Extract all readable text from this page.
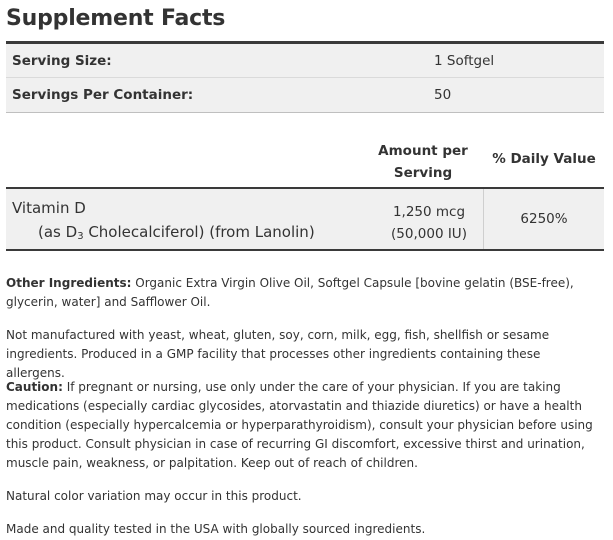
Supplement Facts
Serving Size:	1 Softgel
Servings Per Container:	50
Amount per
Serving
% Daily Value
Vitamin D
(as $D_3$ Cholecalciferol) (from Lanolin)
1,250 mcg
(50,000 IU)
6250%
Other Ingredients: Organic Extra Virgin Olive Oil, Softgel Capsule [bovine gelatin (BSE-free), glycerin, water] and Safflower Oil.
Not manufactured with yeast, wheat, gluten, soy, corn, milk, egg, fish, shellfish or sesame ingredients. Produced in a GMP facility that processes other ingredients containing these allergens.
Caution: If pregnant or nursing, use only under the care of your physician. If you are taking medications (especially cardiac glycosides, atorvastatin and thiazide diuretics) or have a health condition (especially hypercalcemia or hyperparathyroidism), consult your physician before using this product. Consult physician in case of recurring GI discomfort, excessive thirst and urination, muscle pain, weakness, or palpitation. Keep out of reach of children.
Natural color variation may occur in this product.
Made and quality tested in the USA with globally sourced ingredients.
